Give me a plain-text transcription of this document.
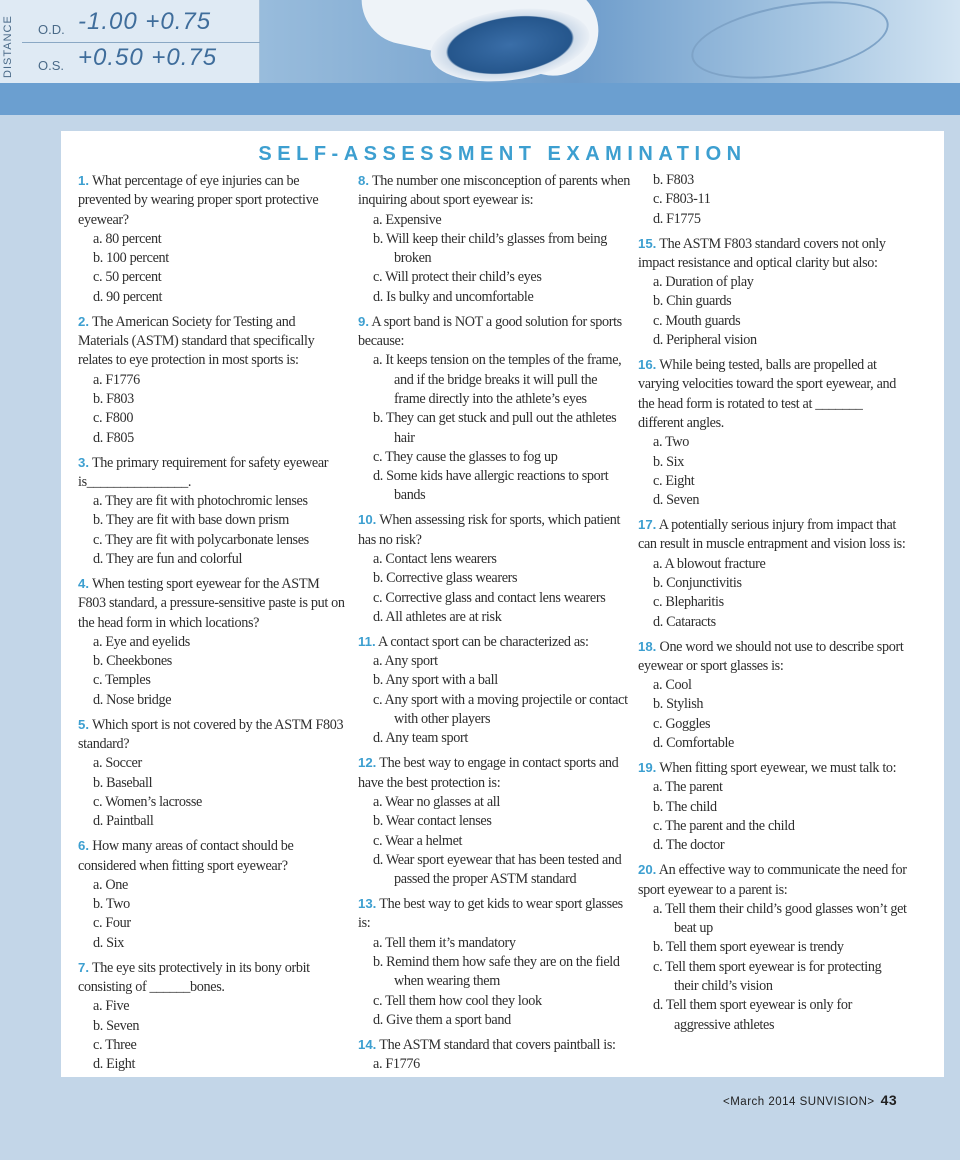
DISTANCE	O.D.
O.S.
-1.00 +0.75
+0.50 +0.75
SELF-ASSESSMENT EXAMINATION
1. What percentage of eye injuries can be prevented by wearing proper sport protective eyewear?
a. 80 percent
b. 100 percent
c. 50 percent
d. 90 percent
2. The American Society for Testing and Materials (ASTM) standard that specifically relates to eye protection in most sports is:
a. F1776
b. F803
c. F800
d. F805
3. The primary requirement for safety eyewear is_______________.
a. They are fit with photochromic lenses
b. They are fit with base down prism
c. They are fit with polycarbonate lenses
d. They are fun and colorful
4. When testing sport eyewear for the ASTM F803 standard, a pressure-sensitive paste is put on the head form in which locations?
a. Eye and eyelids
b. Cheekbones
c. Temples
d. Nose bridge
5. Which sport is not covered by the ASTM F803 standard?
a. Soccer
b. Baseball
c. Women’s lacrosse
d. Paintball
6. How many areas of contact should be considered when fitting sport eyewear?
a. One
b. Two
c. Four
d. Six
7. The eye sits protectively in its bony orbit consisting of ______bones.
a. Five
b. Seven
c. Three
d. Eight
8. The number one misconception of parents when inquiring about sport eyewear is:
a. Expensive
b. Will keep their child’s glasses from being broken
c. Will protect their child’s eyes
d. Is bulky and uncomfortable
9. A sport band is NOT a good solution for sports because:
a. It keeps tension on the temples of the frame, and if the bridge breaks it will pull the frame directly into the athlete’s eyes
b. They can get stuck and pull out the athletes hair
c. They cause the glasses to fog up
d. Some kids have allergic reactions to sport bands
10. When assessing risk for sports, which patient has no risk?
a. Contact lens wearers
b. Corrective glass wearers
c. Corrective glass and contact lens wearers
d. All athletes are at risk
11. A contact sport can be characterized as:
a. Any sport
b. Any sport with a ball
c. Any sport with a moving projectile or contact with other players
d. Any team sport
12. The best way to engage in contact sports and have the best protection is:
a. Wear no glasses at all
b. Wear contact lenses
c. Wear a helmet
d. Wear sport eyewear that has been tested and passed the proper ASTM standard
13. The best way to get kids to wear sport glasses is:
a. Tell them it’s mandatory
b. Remind them how safe they are on the field when wearing them
c. Tell them how cool they look
d. Give them a sport band
14. The ASTM standard that covers paintball is:
a. F1776
b. F803
c. F803-11
d. F1775
15. The ASTM F803 standard covers not only impact resistance and optical clarity but also:
a. Duration of play
b. Chin guards
c. Mouth guards
d. Peripheral vision
16. While being tested, balls are propelled at varying velocities toward the sport eyewear, and the head form is rotated to test at _______ different angles.
a. Two
b. Six
c. Eight
d. Seven
17. A potentially serious injury from impact that can result in muscle entrapment and vision loss is:
a. A blowout fracture
b. Conjunctivitis
c. Blepharitis
d. Cataracts
18. One word we should not use to describe sport eyewear or sport glasses is:
a. Cool
b. Stylish
c. Goggles
d. Comfortable
19. When fitting sport eyewear, we must talk to:
a. The parent
b. The child
c. The parent and the child
d. The doctor
20. An effective way to communicate the need for sport eyewear to a parent is:
a. Tell them their child’s good glasses won’t get beat up
b. Tell them sport eyewear is trendy
c. Tell them sport eyewear is for protecting their child’s vision
d. Tell them sport eyewear is only for aggressive athletes
<March 2014 SUNVISION> 43
